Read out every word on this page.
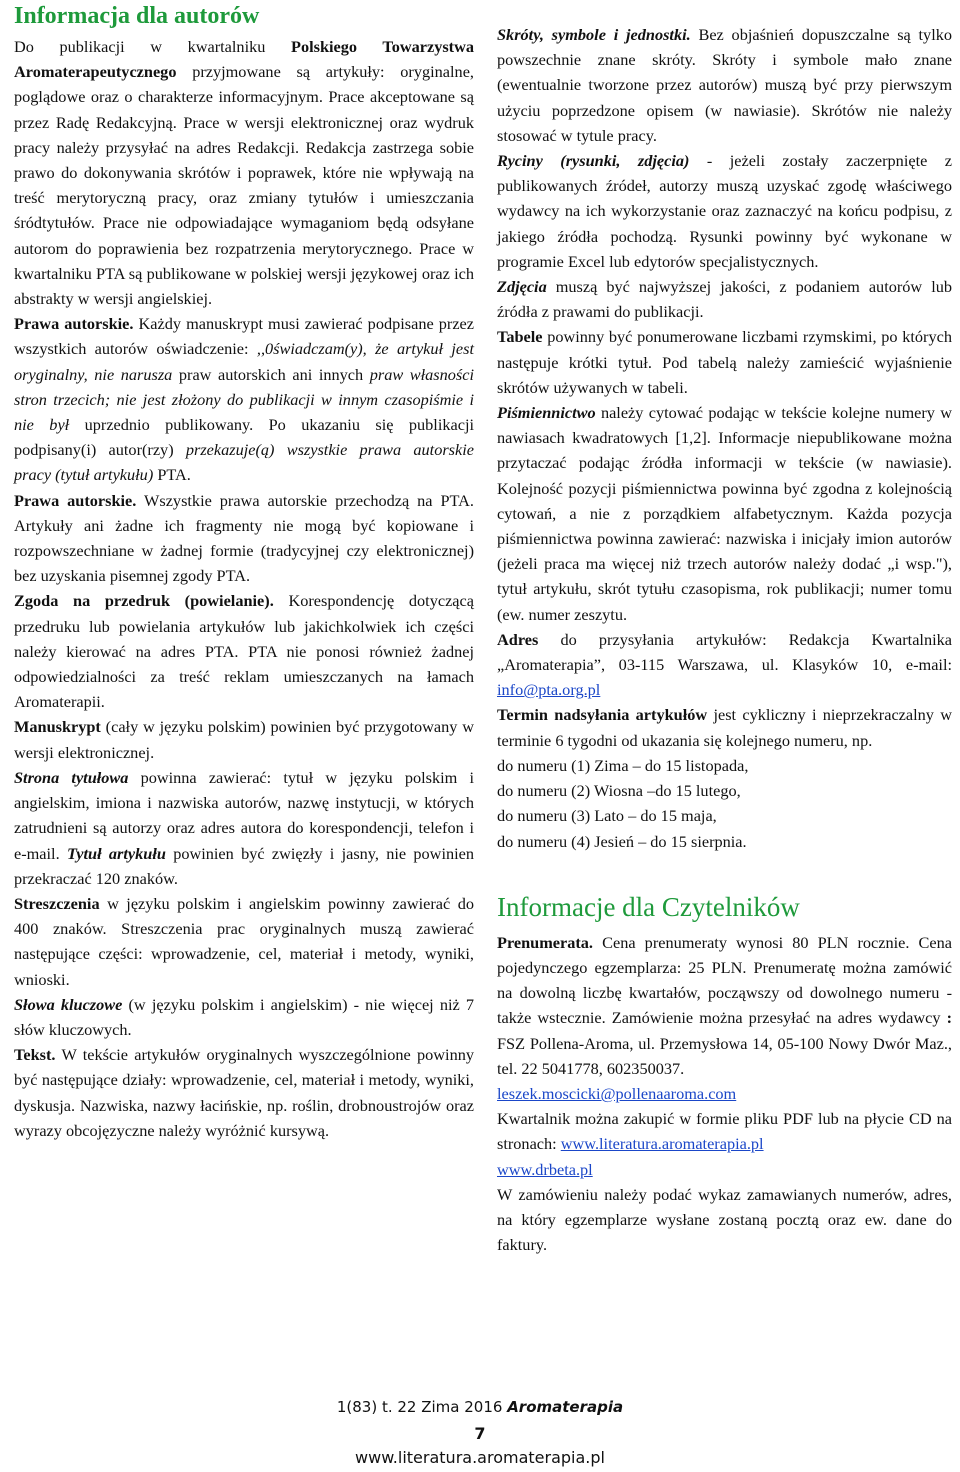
Informacja dla autorów

Do publikacji w kwartalniku Polskiego Towarzystwa Aromaterapeutycznego przyjmowane są artykuły: oryginalne, poglądowe oraz o charakterze informacyjnym. Prace akceptowane są przez Radę Redakcyjną. Prace w wersji elektronicznej oraz wydruk pracy należy przysyłać na adres Redakcji. Redakcja zastrzega sobie prawo do dokonywania skrótów i poprawek, które nie wpływają na treść merytoryczną pracy, oraz zmiany tytułów i umieszczania śródtytułów. Prace nie odpowiadające wymaganiom będą odsyłane autorom do poprawienia bez rozpatrzenia merytorycznego. Prace w kwartalniku PTA są publikowane w polskiej wersji językowej oraz ich abstrakty w wersji angielskiej.

Prawa autorskie. Każdy manuskrypt musi zawierać podpisane przez wszystkich autorów oświadczenie: ,,0świadczam(y), że artykuł jest oryginalny, nie narusza praw autorskich ani innych praw własności stron trzecich; nie jest złożony do publikacji w innym czasopiśmie i nie był uprzednio publikowany. Po ukazaniu się publikacji podpisany(i) autor(rzy) przekazuje(ą) wszystkie prawa autorskie pracy (tytuł artykułu) PTA.

Prawa autorskie. Wszystkie prawa autorskie przechodzą na PTA. Artykuły ani żadne ich fragmenty nie mogą być kopiowane i rozpowszechniane w żadnej formie (tradycyjnej czy elektronicznej) bez uzyskania pisemnej zgody PTA.

Zgoda na przedruk (powielanie). Korespondencję dotyczącą przedruku lub powielania artykułów lub jakichkolwiek ich części należy kierować na adres PTA. PTA nie ponosi również żadnej odpowiedzialności za treść reklam umieszczanych na łamach Aromaterapii.

Manuskrypt (cały w języku polskim) powinien być przygotowany w wersji elektronicznej.

Strona tytułowa powinna zawierać: tytuł w języku polskim i angielskim, imiona i nazwiska autorów, nazwę instytucji, w których zatrudnieni są autorzy oraz adres autora do korespondencji, telefon i e-mail. Tytuł artykułu powinien być zwięzły i jasny, nie powinien przekraczać 120 znaków.

Streszczenia w języku polskim i angielskim powinny zawierać do 400 znaków. Streszczenia prac oryginalnych muszą zawierać następujące części: wprowadzenie, cel, materiał i metody, wyniki, wnioski.

Słowa kluczowe (w języku polskim i angielskim) - nie więcej niż 7 słów kluczowych.

Tekst. W tekście artykułów oryginalnych wyszczególnione powinny być następujące działy: wprowadzenie, cel, materiał i metody, wyniki, dyskusja. Nazwiska, nazwy łacińskie, np. roślin, drobnoustrojów oraz wyrazy obcojęzyczne należy wyróżnić kursywą.

Skróty, symbole i jednostki. Bez objaśnień dopuszczalne są tylko powszechnie znane skróty. Skróty i symbole mało znane (ewentualnie tworzone przez autorów) muszą być przy pierwszym użyciu poprzedzone opisem (w nawiasie). Skrótów nie należy stosować w tytule pracy.

Ryciny (rysunki, zdjęcia) - jeżeli zostały zaczerpnięte z publikowanych źródeł, autorzy muszą uzyskać zgodę właściwego wydawcy na ich wykorzystanie oraz zaznaczyć na końcu podpisu, z jakiego źródła pochodzą. Rysunki powinny być wykonane w programie Excel lub edytorów specjalistycznych.

Zdjęcia muszą być najwyższej jakości, z podaniem autorów lub źródła z prawami do publikacji.

Tabele powinny być ponumerowane liczbami rzymskimi, po których następuje krótki tytuł. Pod tabelą należy zamieścić wyjaśnienie skrótów używanych w tabeli.

Piśmiennictwo należy cytować podając w tekście kolejne numery w nawiasach kwadratowych [1,2]. Informacje niepublikowane można przytaczać podając źródła informacji w tekście (w nawiasie). Kolejność pozycji piśmiennictwa powinna być zgodna z kolejnością cytowań, a nie z porządkiem alfabetycznym. Każda pozycja piśmiennictwa powinna zawierać: nazwiska i inicjały imion autorów (jeżeli praca ma więcej niż trzech autorów należy dodać „i wsp."), tytuł artykułu, skrót tytułu czasopisma, rok publikacji; numer tomu (ew. numer zeszytu.

Adres do przysyłania artykułów: Redakcja Kwartalnika „Aromaterapia”, 03-115 Warszawa, ul. Klasyków 10, e-mail: info@pta.org.pl

Termin nadsyłania artykułów jest cykliczny i nieprzekraczalny w terminie 6 tygodni od ukazania się kolejnego numeru, np.

do numeru (1) Zima – do 15 listopada,

do numeru (2) Wiosna –do 15 lutego,

do numeru (3) Lato – do 15 maja,

do numeru (4) Jesień – do 15 sierpnia.

Informacje dla Czytelników

Prenumerata. Cena prenumeraty wynosi 80 PLN rocznie. Cena pojedynczego egzemplarza: 25 PLN. Prenumeratę można zamówić na dowolną liczbę kwartałów, począwszy od dowolnego numeru - także wstecznie. Zamówienie można przesyłać na adres wydawcy : FSZ Pollena-Aroma, ul. Przemysłowa 14, 05-100 Nowy Dwór Maz., tel. 22 5041778, 602350037.

leszek.moscicki@pollenaaroma.com

Kwartalnik można zakupić w formie pliku PDF lub na płycie CD na stronach: www.literatura.aromaterapia.pl

www.drbeta.pl

W zamówieniu należy podać wykaz zamawianych numerów, adres, na który egzemplarze wysłane zostaną pocztą oraz ew. dane do faktury.

1(83) t. 22 Zima 2016 Aromaterapia
7
www.literatura.aromaterapia.pl
